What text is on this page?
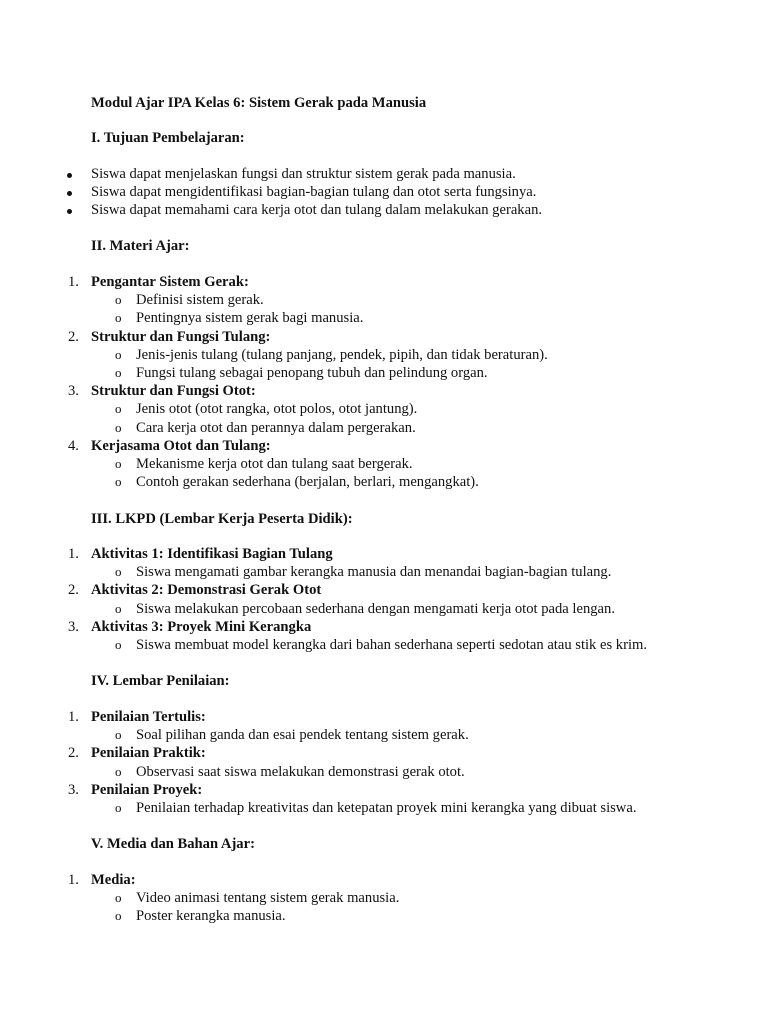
Modul Ajar IPA Kelas 6: Sistem Gerak pada Manusia
I. Tujuan Pembelajaran:
Siswa dapat menjelaskan fungsi dan struktur sistem gerak pada manusia.
Siswa dapat mengidentifikasi bagian-bagian tulang dan otot serta fungsinya.
Siswa dapat memahami cara kerja otot dan tulang dalam melakukan gerakan.
II. Materi Ajar:
1. Pengantar Sistem Gerak:
o Definisi sistem gerak.
o Pentingnya sistem gerak bagi manusia.
2. Struktur dan Fungsi Tulang:
o Jenis-jenis tulang (tulang panjang, pendek, pipih, dan tidak beraturan).
o Fungsi tulang sebagai penopang tubuh dan pelindung organ.
3. Struktur dan Fungsi Otot:
o Jenis otot (otot rangka, otot polos, otot jantung).
o Cara kerja otot dan perannya dalam pergerakan.
4. Kerjasama Otot dan Tulang:
o Mekanisme kerja otot dan tulang saat bergerak.
o Contoh gerakan sederhana (berjalan, berlari, mengangkat).
III. LKPD (Lembar Kerja Peserta Didik):
1. Aktivitas 1: Identifikasi Bagian Tulang
o Siswa mengamati gambar kerangka manusia dan menandai bagian-bagian tulang.
2. Aktivitas 2: Demonstrasi Gerak Otot
o Siswa melakukan percobaan sederhana dengan mengamati kerja otot pada lengan.
3. Aktivitas 3: Proyek Mini Kerangka
o Siswa membuat model kerangka dari bahan sederhana seperti sedotan atau stik es krim.
IV. Lembar Penilaian:
1. Penilaian Tertulis:
o Soal pilihan ganda dan esai pendek tentang sistem gerak.
2. Penilaian Praktik:
o Observasi saat siswa melakukan demonstrasi gerak otot.
3. Penilaian Proyek:
o Penilaian terhadap kreativitas dan ketepatan proyek mini kerangka yang dibuat siswa.
V. Media dan Bahan Ajar:
1. Media:
o Video animasi tentang sistem gerak manusia.
o Poster kerangka manusia.
